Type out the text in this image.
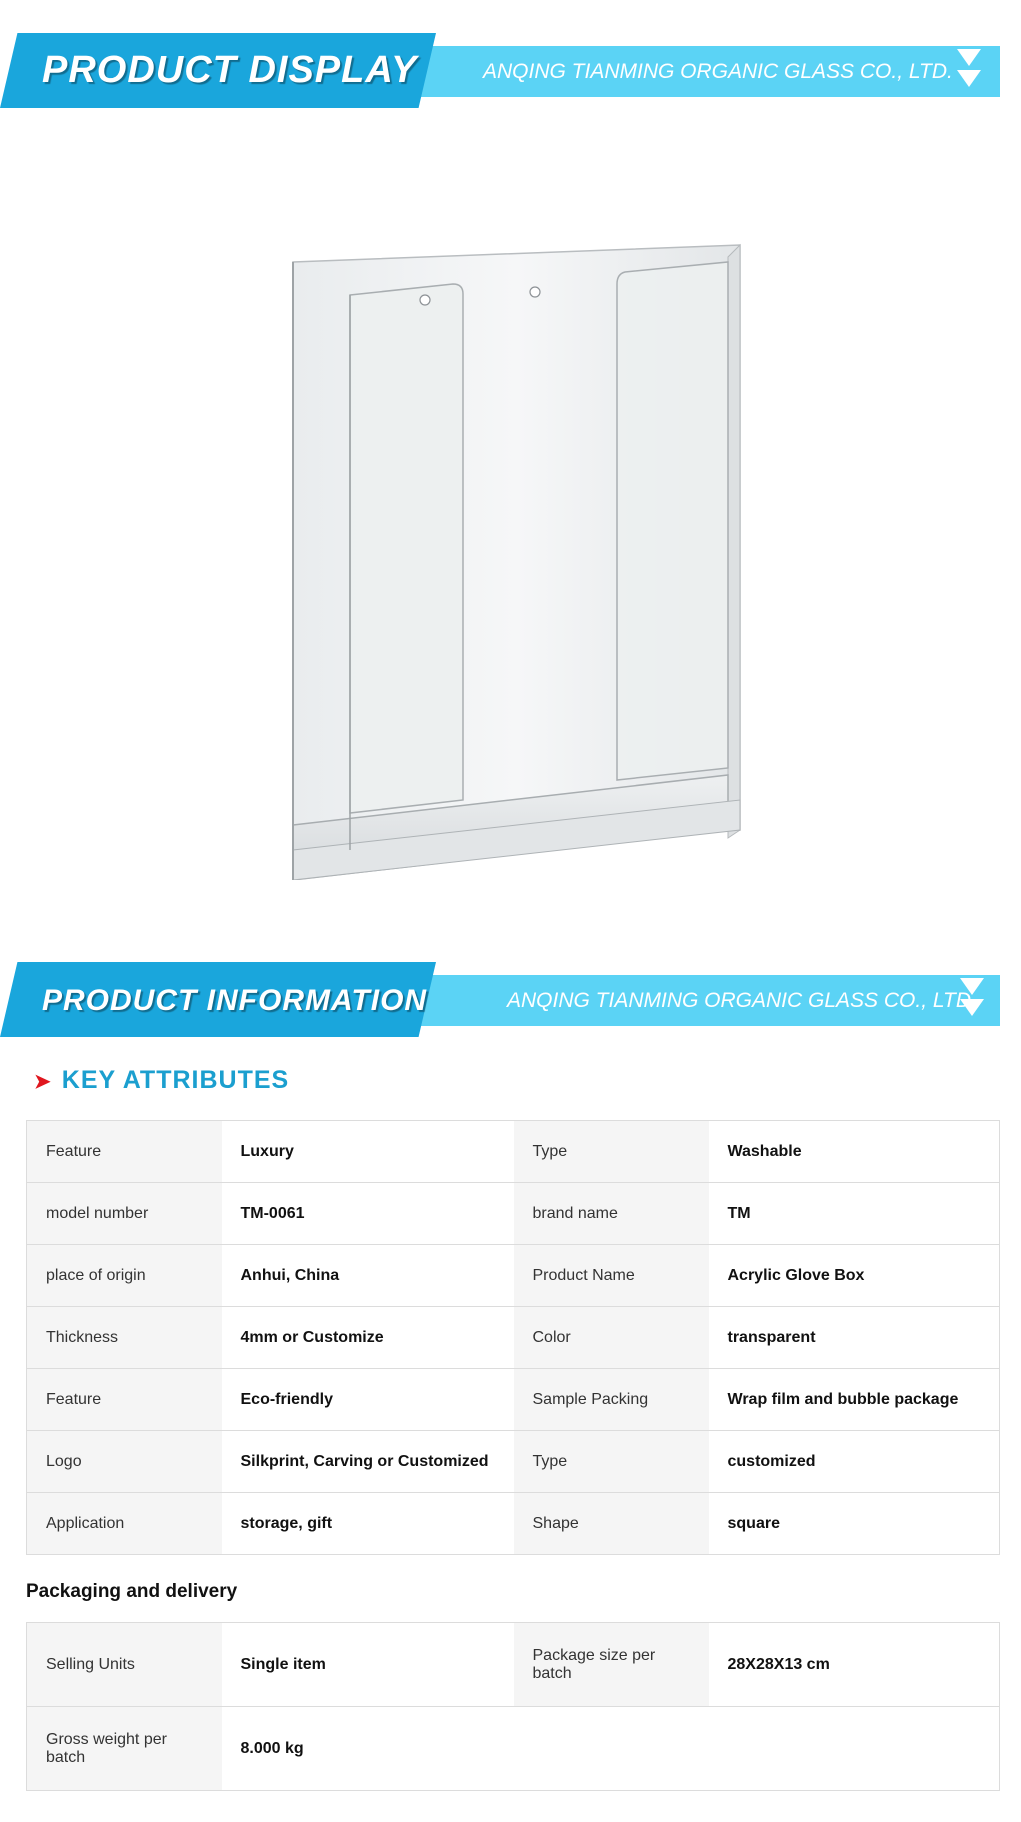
PRODUCT DISPLAY	ANQING TIANMING ORGANIC GLASS CO., LTD.
PRODUCT INFORMATION	ANQING TIANMING ORGANIC GLASS CO., LTD
➤ KEY ATTRIBUTES
Feature	Luxury	Type	Washable
model number	TM-0061	brand name	TM
place of origin	Anhui, China	Product Name	Acrylic Glove Box
Thickness	4mm or Customize	Color	transparent
Feature	Eco-friendly	Sample Packing	Wrap film and bubble package
Logo	Silkprint, Carving or Customized	Type	customized
Application	storage, gift	Shape	square
Packaging and delivery
Selling Units	Single item	Package size per batch	28X28X13 cm
Gross weight per batch	8.000 kg		
